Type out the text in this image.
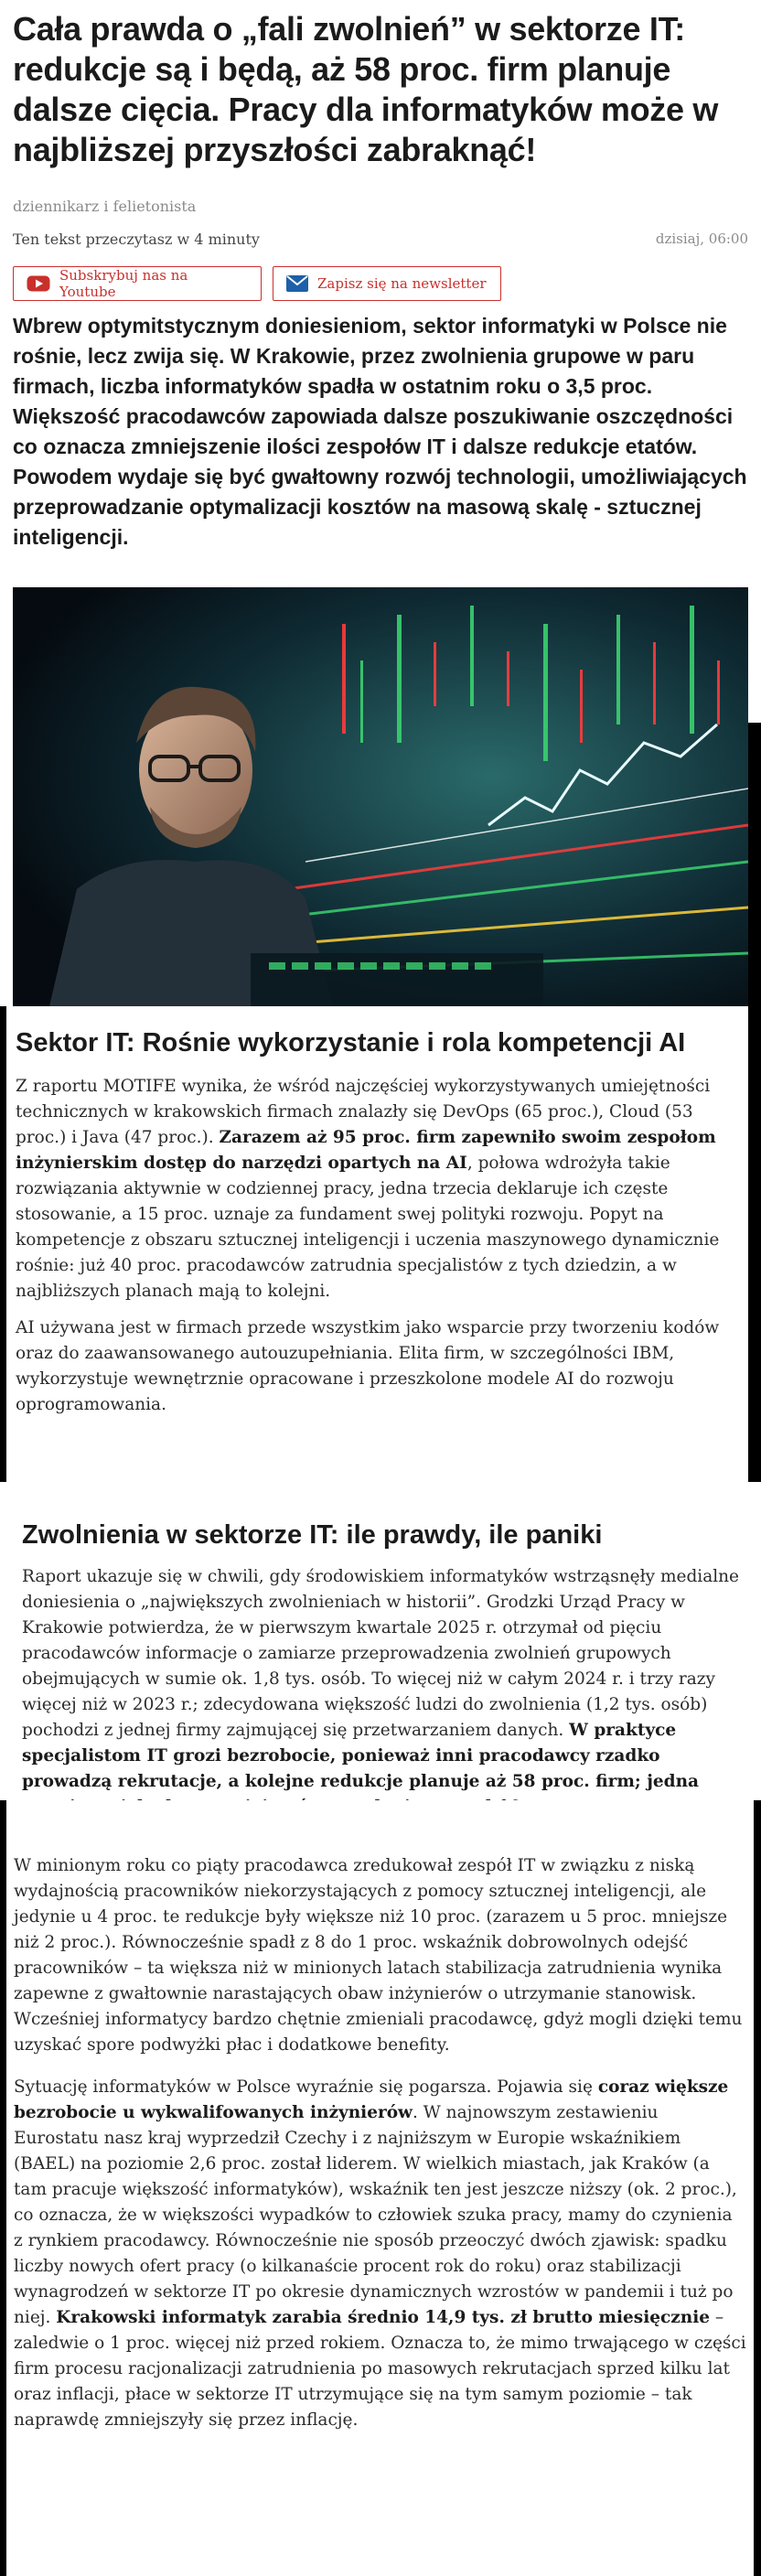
Cała prawda o „fali zwolnień” w sektorze IT: redukcje są i będą, aż 58 proc. firm planuje dalsze cięcia. Pracy dla informatyków może w najbliższej przyszłości zabraknąć!
dziennikarz i felietonista
Ten tekst przeczytasz w 4 minuty	dzisiaj, 06:00
Subskrybuj nas na Youtube	Zapisz się na newsletter

Wbrew optymitstycznym doniesieniom, sektor informatyki w Polsce nie rośnie, lecz zwija się. W Krakowie, przez zwolnienia grupowe w paru firmach, liczba informatyków spadła w ostatnim roku o 3,5 proc. Większość pracodawców zapowiada dalsze poszukiwanie oszczędności co oznacza zmniejszenie ilości zespołów IT i dalsze redukcje etatów. Powodem wydaje się być gwałtowny rozwój technologii, umożliwiających przeprowadzanie optymalizacji kosztów na masową skalę - sztucznej inteligencji.

Sektor IT: Rośnie wykorzystanie i rola kompetencji AI

Z raportu MOTIFE wynika, że wśród najczęściej wykorzystywanych umiejętności technicznych w krakowskich firmach znalazły się DevOps (65 proc.), Cloud (53 proc.) i Java (47 proc.). Zarazem aż 95 proc. firm zapewniło swoim zespołom inżynierskim dostęp do narzędzi opartych na AI, połowa wdrożyła takie rozwiązania aktywnie w codziennej pracy, jedna trzecia deklaruje ich częste stosowanie, a 15 proc. uznaje za fundament swej polityki rozwoju. Popyt na kompetencje z obszaru sztucznej inteligencji i uczenia maszynowego dynamicznie rośnie: już 40 proc. pracodawców zatrudnia specjalistów z tych dziedzin, a w najbliższych planach mają to kolejni.

AI używana jest w firmach przede wszystkim jako wsparcie przy tworzeniu kodów oraz do zaawansowanego autouzupełniania. Elita firm, w szczególności IBM, wykorzystuje wewnętrznie opracowane i przeszkolone modele AI do rozwoju oprogramowania.

Zwolnienia w sektorze IT: ile prawdy, ile paniki

Raport ukazuje się w chwili, gdy środowiskiem informatyków wstrząsnęły medialne doniesienia o „największych zwolnieniach w historii”. Grodzki Urząd Pracy w Krakowie potwierdza, że w pierwszym kwartale 2025 r. otrzymał od pięciu pracodawców informacje o zamiarze przeprowadzenia zwolnień grupowych obejmujących w sumie ok. 1,8 tys. osób. To więcej niż w całym 2024 r. i trzy razy więcej niż w 2023 r.; zdecydowana większość ludzi do zwolnienia (1,2 tys. osób) pochodzi z jednej firmy zajmującej się przetwarzaniem danych. W praktyce specjalistom IT grozi bezrobocie, ponieważ inni pracodawcy rzadko prowadzą rekrutacje, a kolejne redukcje planuje aż 58 proc. firm; jedna

W minionym roku co piąty pracodawca zredukował zespół IT w związku z niską wydajnością pracowników niekorzystających z pomocy sztucznej inteligencji, ale jedynie u 4 proc. te redukcje były większe niż 10 proc. (zarazem u 5 proc. mniejsze niż 2 proc.). Równocześnie spadł z 8 do 1 proc. wskaźnik dobrowolnych odejść pracowników – ta większa niż w minionych latach stabilizacja zatrudnienia wynika zapewne z gwałtownie narastających obaw inżynierów o utrzymanie stanowisk. Wcześniej informatycy bardzo chętnie zmieniali pracodawcę, gdyż mogli dzięki temu uzyskać spore podwyżki płac i dodatkowe benefity.

Sytuację informatyków w Polsce wyraźnie się pogarsza. Pojawia się coraz większe bezrobocie u wykwalifowanych inżynierów. W najnowszym zestawieniu Eurostatu nasz kraj wyprzedził Czechy i z najniższym w Europie wskaźnikiem (BAEL) na poziomie 2,6 proc. został liderem. W wielkich miastach, jak Kraków (a tam pracuje większość informatyków), wskaźnik ten jest jeszcze niższy (ok. 2 proc.), co oznacza, że w większości wypadków to człowiek szuka pracy, mamy do czynienia z rynkiem pracodawcy. Równocześnie nie sposób przeoczyć dwóch zjawisk: spadku liczby nowych ofert pracy (o kilkanaście procent rok do roku) oraz stabilizacji wynagrodzeń w sektorze IT po okresie dynamicznych wzrostów w pandemii i tuż po niej. Krakowski informatyk zarabia średnio 14,9 tys. zł brutto miesięcznie – zaledwie o 1 proc. więcej niż przed rokiem. Oznacza to, że mimo trwającego w części firm procesu racjonalizacji zatrudnienia po masowych rekrutacjach sprzed kilku lat oraz inflacji, płace w sektorze IT utrzymujące się na tym samym poziomie – tak naprawdę zmniejszyły się przez inflację.
